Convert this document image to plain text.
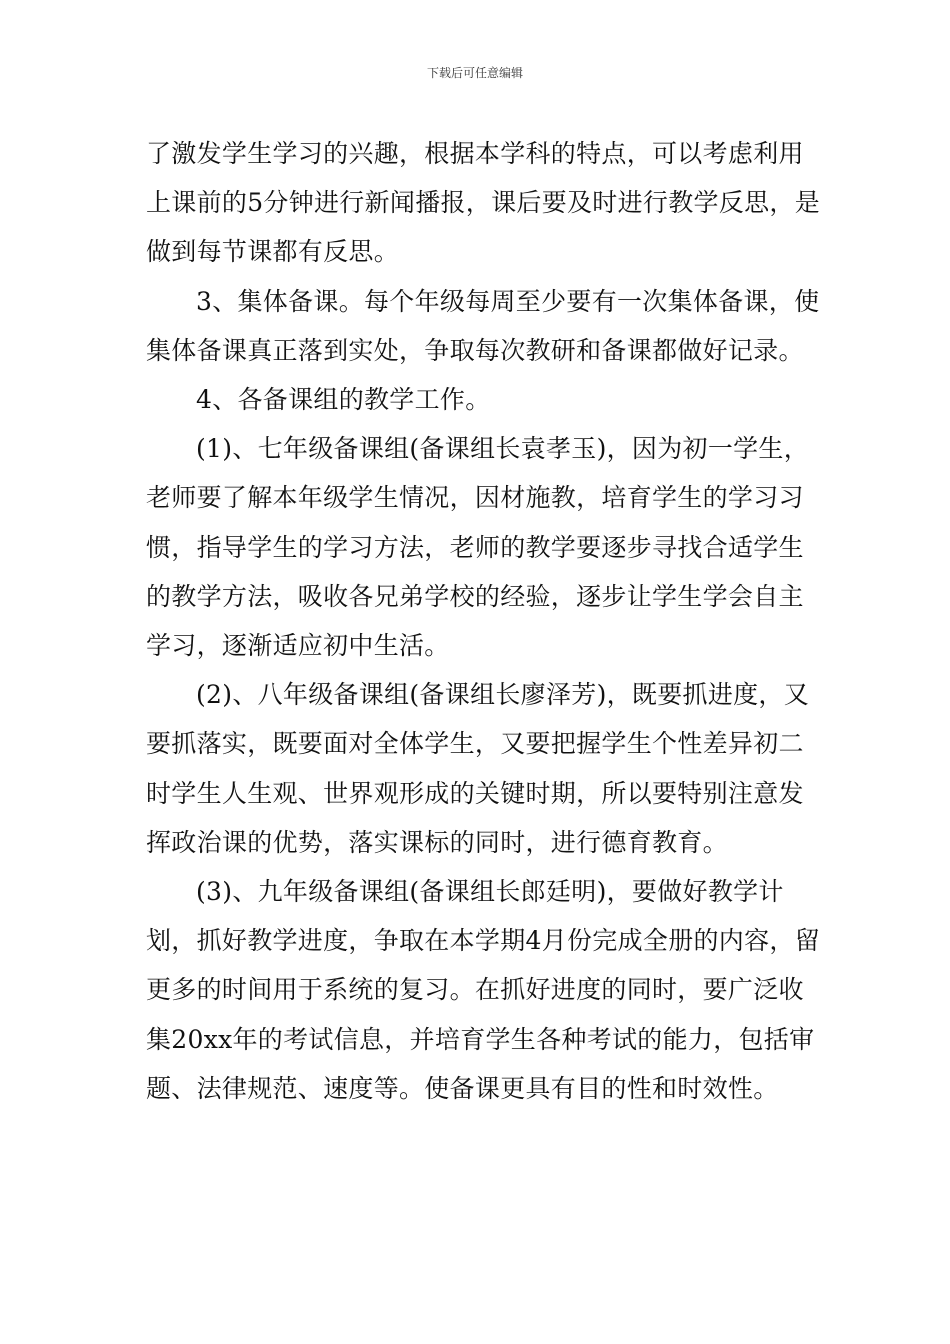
下载后可任意编辑

了激发学生学习的兴趣，根据本学科的特点，可以考虑利用上课前的5分钟进行新闻播报，课后要及时进行教学反思，是做到每节课都有反思。

3、集体备课。每个年级每周至少要有一次集体备课，使集体备课真正落到实处，争取每次教研和备课都做好记录。

4、各备课组的教学工作。

(1)、七年级备课组(备课组长袁孝玉)，因为初一学生，老师要了解本年级学生情况，因材施教，培育学生的学习习惯，指导学生的学习方法，老师的教学要逐步寻找合适学生的教学方法，吸收各兄弟学校的经验，逐步让学生学会自主学习，逐渐适应初中生活。

(2)、八年级备课组(备课组长廖泽芳)，既要抓进度，又要抓落实，既要面对全体学生，又要把握学生个性差异初二时学生人生观、世界观形成的关键时期，所以要特别注意发挥政治课的优势，落实课标的同时，进行德育教育。

(3)、九年级备课组(备课组长郎廷明)，要做好教学计划，抓好教学进度，争取在本学期4月份完成全册的内容，留更多的时间用于系统的复习。在抓好进度的同时，要广泛收集20xx年的考试信息，并培育学生各种考试的能力，包括审题、法律规范、速度等。使备课更具有目的性和时效性。
